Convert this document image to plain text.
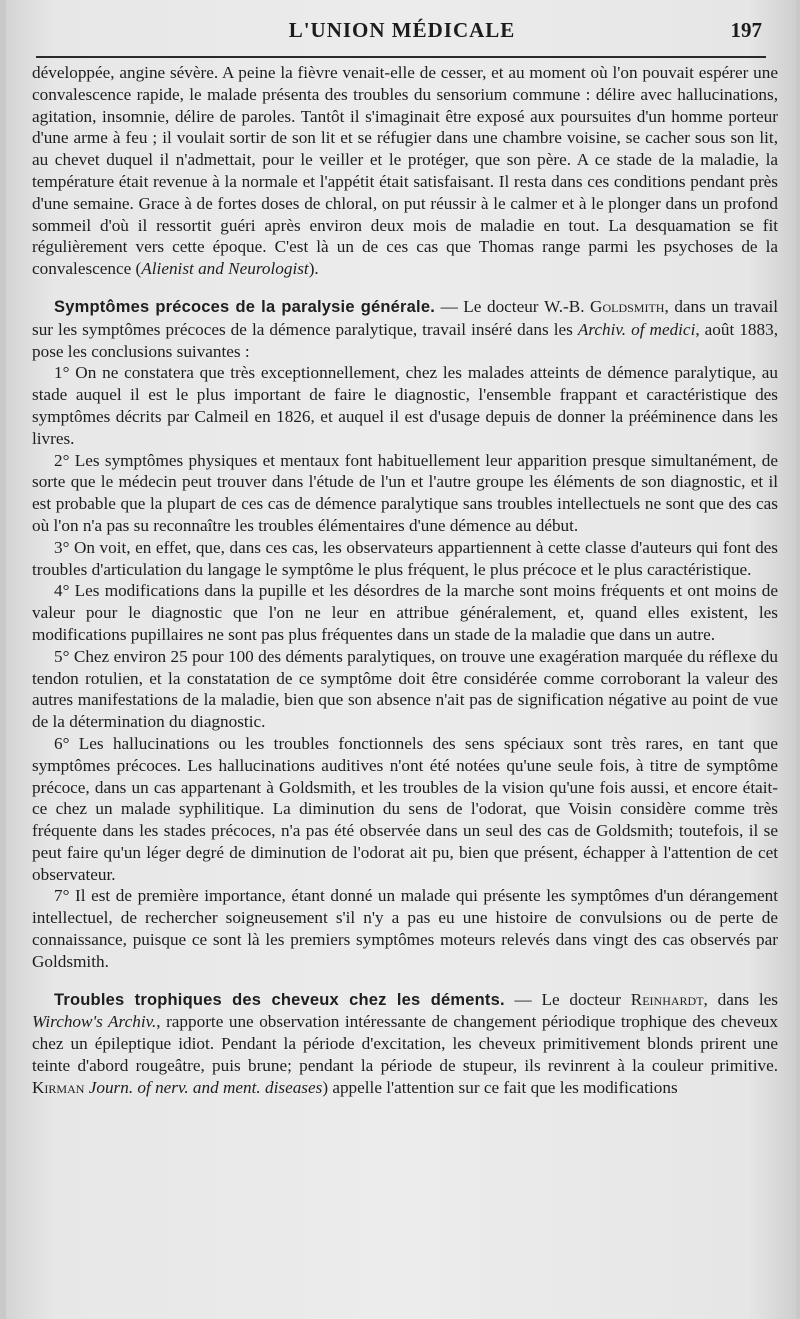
L'UNION MÉDICALE	197

développée, angine sévère. A peine la fièvre venait-elle de cesser, et au moment où l'on pouvait espérer une convalescence rapide, le malade présenta des troubles du sensorium commune : délire avec hallucinations, agitation, insomnie, délire de paroles. Tantôt il s'imaginait être exposé aux poursuites d'un homme porteur d'une arme à feu ; il voulait sortir de son lit et se réfugier dans une chambre voisine, se cacher sous son lit, au chevet duquel il n'admettait, pour le veiller et le protéger, que son père. A ce stade de la maladie, la température était revenue à la normale et l'appétit était satisfaisant. Il resta dans ces conditions pendant près d'une semaine. Grace à de fortes doses de chloral, on put réussir à le calmer et à le plonger dans un profond sommeil d'où il ressortit guéri après environ deux mois de maladie en tout. La desquamation se fit régulièrement vers cette époque. C'est là un de ces cas que Thomas range parmi les psychoses de la convalescence (Alienist and Neurologist).

Symptômes précoces de la paralysie générale. — Le docteur W.-B. Goldsmith, dans un travail sur les symptômes précoces de la démence paralytique, travail inséré dans les Archiv. of medici, août 1883, pose les conclusions suivantes :

1° On ne constatera que très exceptionnellement, chez les malades atteints de démence paralytique, au stade auquel il est le plus important de faire le diagnostic, l'ensemble frappant et caractéristique des symptômes décrits par Calmeil en 1826, et auquel il est d'usage depuis de donner la prééminence dans les livres.

2° Les symptômes physiques et mentaux font habituellement leur apparition presque simultanément, de sorte que le médecin peut trouver dans l'étude de l'un et l'autre groupe les éléments de son diagnostic, et il est probable que la plupart de ces cas de démence paralytique sans troubles intellectuels ne sont que des cas où l'on n'a pas su reconnaître les troubles élémentaires d'une démence au début.

3° On voit, en effet, que, dans ces cas, les observateurs appartiennent à cette classe d'auteurs qui font des troubles d'articulation du langage le symptôme le plus fréquent, le plus précoce et le plus caractéristique.

4° Les modifications dans la pupille et les désordres de la marche sont moins fréquents et ont moins de valeur pour le diagnostic que l'on ne leur en attribue généralement, et, quand elles existent, les modifications pupillaires ne sont pas plus fréquentes dans un stade de la maladie que dans un autre.

5° Chez environ 25 pour 100 des déments paralytiques, on trouve une exagération marquée du réflexe du tendon rotulien, et la constatation de ce symptôme doit être considérée comme corroborant la valeur des autres manifestations de la maladie, bien que son absence n'ait pas de signification négative au point de vue de la détermination du diagnostic.

6° Les hallucinations ou les troubles fonctionnels des sens spéciaux sont très rares, en tant que symptômes précoces. Les hallucinations auditives n'ont été notées qu'une seule fois, à titre de symptôme précoce, dans un cas appartenant à Goldsmith, et les troubles de la vision qu'une fois aussi, et encore était-ce chez un malade syphilitique. La diminution du sens de l'odorat, que Voisin considère comme très fréquente dans les stades précoces, n'a pas été observée dans un seul des cas de Goldsmith; toutefois, il se peut faire qu'un léger degré de diminution de l'odorat ait pu, bien que présent, échapper à l'attention de cet observateur.

7° Il est de première importance, étant donné un malade qui présente les symptômes d'un dérangement intellectuel, de rechercher soigneusement s'il n'y a pas eu une histoire de convulsions ou de perte de connaissance, puisque ce sont là les premiers symptômes moteurs relevés dans vingt des cas observés par Goldsmith.

Troubles trophiques des cheveux chez les déments. — Le docteur Reinhardt, dans les Wirchow's Archiv., rapporte une observation intéressante de changement périodique trophique des cheveux chez un épileptique idiot. Pendant la période d'excitation, les cheveux primitivement blonds prirent une teinte d'abord rougeâtre, puis brune; pendant la période de stupeur, ils revinrent à la couleur primitive. Kirman Journ. of nerv. and ment. diseases) appelle l'attention sur ce fait que les modifications
